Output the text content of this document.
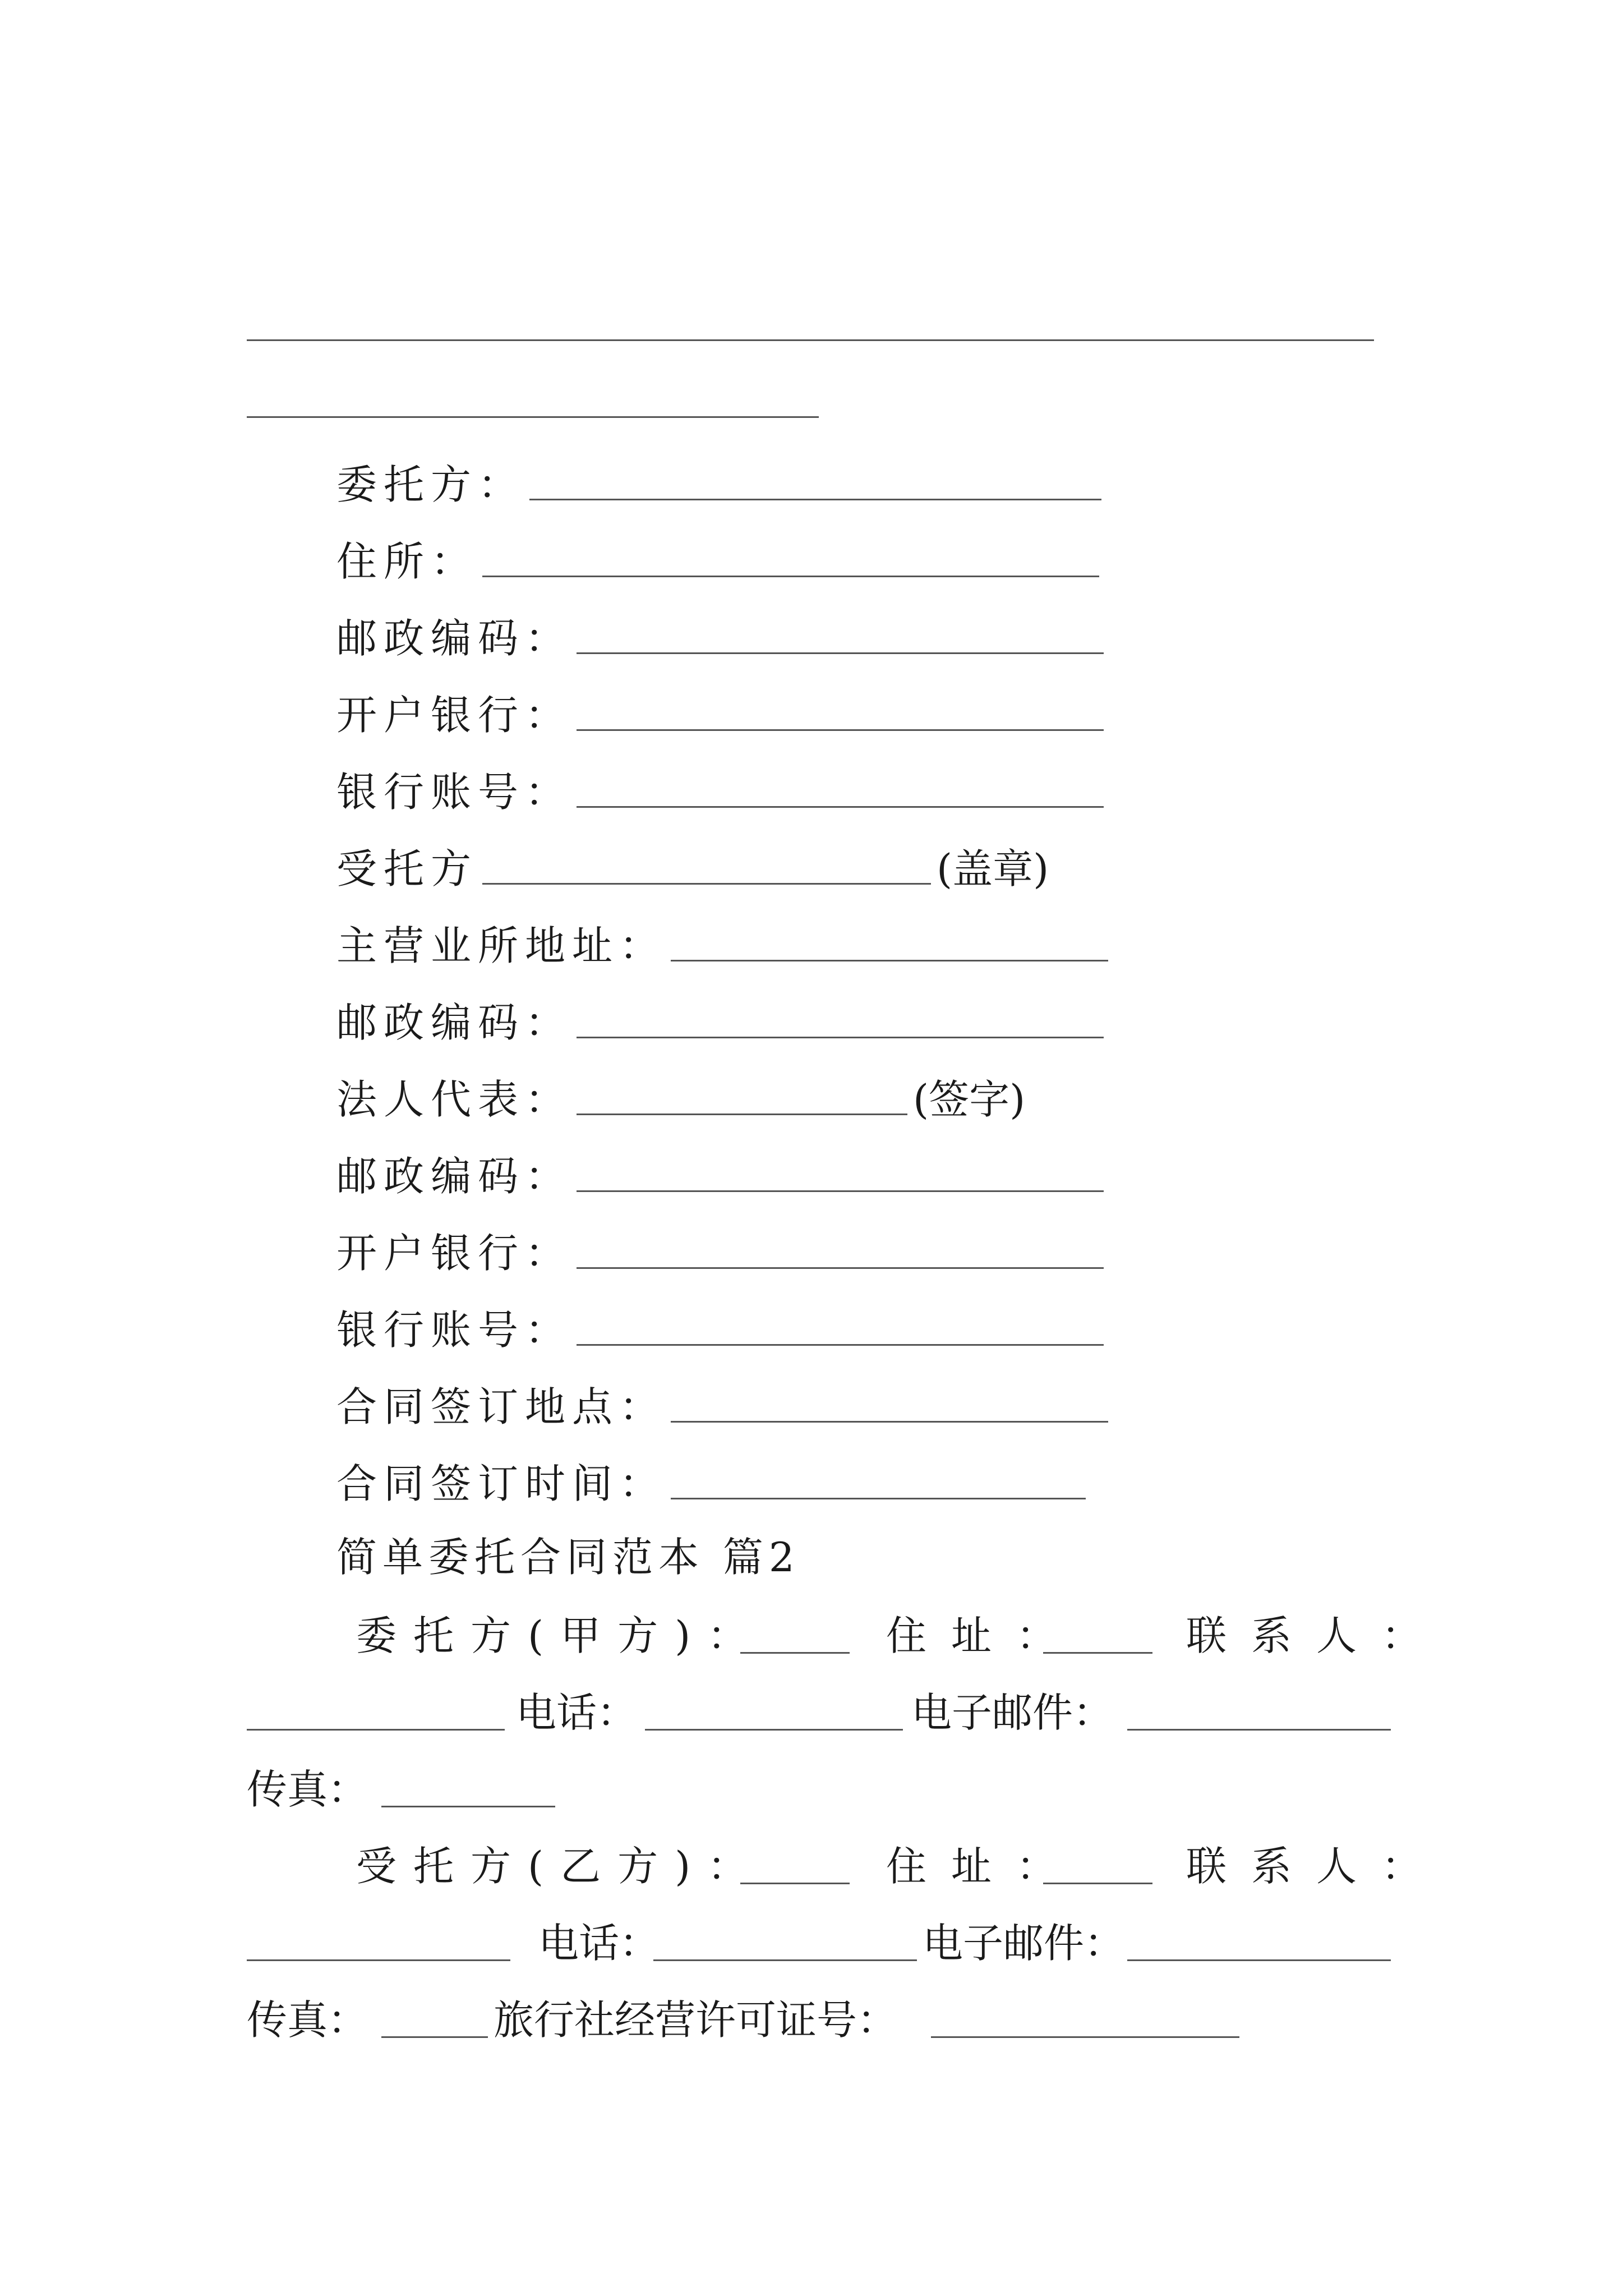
委托方：
住所：
邮政编码：
开户银行：
银行账号：
受托方	(盖章)
主营业所地址：
邮政编码：
法人代表：	(签字)
邮政编码：
开户银行：
银行账号：
合同签订地点：
合同签订时间：
简单委托合同范本 篇2
委托方(甲方)：	住址：	联系人：
电话：	电子邮件：
传真：
受托方(乙方)：	住址：	联系人：
电话：	电子邮件：
传真：	旅行社经营许可证号：
